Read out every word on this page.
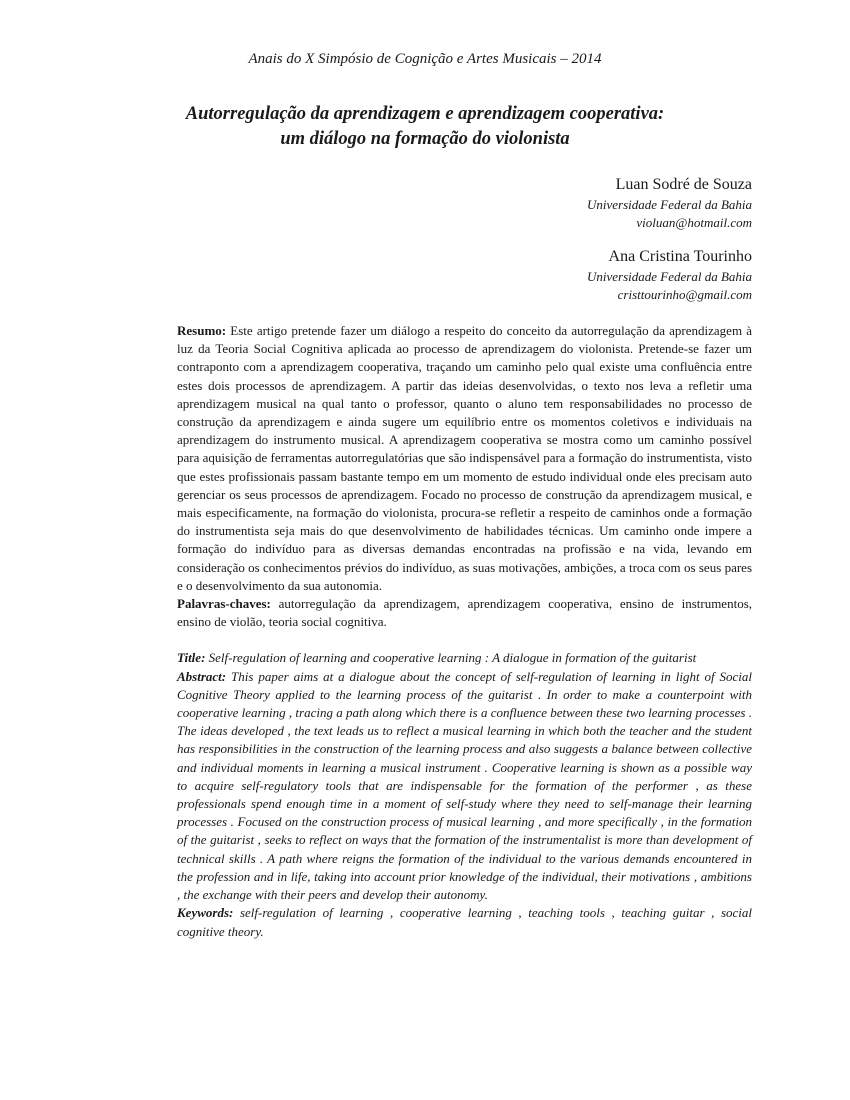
Anais do X Simpósio de Cognição e Artes Musicais – 2014
Autorregulação da aprendizagem e aprendizagem cooperativa:
um diálogo na formação do violonista
Luan Sodré de Souza
Universidade Federal da Bahia
violuan@hotmail.com
Ana Cristina Tourinho
Universidade Federal da Bahia
cristtourinho@gmail.com

Resumo: Este artigo pretende fazer um diálogo a respeito do conceito da autorregulação da aprendizagem à luz da Teoria Social Cognitiva aplicada ao processo de aprendizagem do violonista. Pretende-se fazer um contraponto com a aprendizagem cooperativa, traçando um caminho pelo qual existe uma confluência entre estes dois processos de aprendizagem. A partir das ideias desenvolvidas, o texto nos leva a refletir uma aprendizagem musical na qual tanto o professor, quanto o aluno tem responsabilidades no processo de construção da aprendizagem e ainda sugere um equilíbrio entre os momentos coletivos e individuais na aprendizagem do instrumento musical. A aprendizagem cooperativa se mostra como um caminho possível para aquisição de ferramentas autorregulatórias que são indispensável para a formação do instrumentista, visto que estes profissionais passam bastante tempo em um momento de estudo individual onde eles precisam auto gerenciar os seus processos de aprendizagem. Focado no processo de construção da aprendizagem musical, e mais especificamente, na formação do violonista, procura-se refletir a respeito de caminhos onde a formação do instrumentista seja mais do que desenvolvimento de habilidades técnicas. Um caminho onde impere a formação do indivíduo para as diversas demandas encontradas na profissão e na vida, levando em consideração os conhecimentos prévios do indivíduo, as suas motivações, ambições, a troca com os seus pares e o desenvolvimento da sua autonomia.

Palavras-chaves: autorregulação da aprendizagem, aprendizagem cooperativa, ensino de instrumentos, ensino de violão, teoria social cognitiva.

Title: Self-regulation of learning and cooperative learning : A dialogue in formation of the guitarist

Abstract: This paper aims at a dialogue about the concept of self-regulation of learning in light of Social Cognitive Theory applied to the learning process of the guitarist . In order to make a counterpoint with cooperative learning , tracing a path along which there is a confluence between these two learning processes . The ideas developed , the text leads us to reflect a musical learning in which both the teacher and the student has responsibilities in the construction of the learning process and also suggests a balance between collective and individual moments in learning a musical instrument . Cooperative learning is shown as a possible way to acquire self-regulatory tools that are indispensable for the formation of the performer , as these professionals spend enough time in a moment of self-study where they need to self-manage their learning processes . Focused on the construction process of musical learning , and more specifically , in the formation of the guitarist , seeks to reflect on ways that the formation of the instrumentalist is more than development of technical skills . A path where reigns the formation of the individual to the various demands encountered in the profession and in life, taking into account prior knowledge of the individual, their motivations , ambitions , the exchange with their peers and develop their autonomy.

Keywords: self-regulation of learning , cooperative learning , teaching tools , teaching guitar , social cognitive theory.
